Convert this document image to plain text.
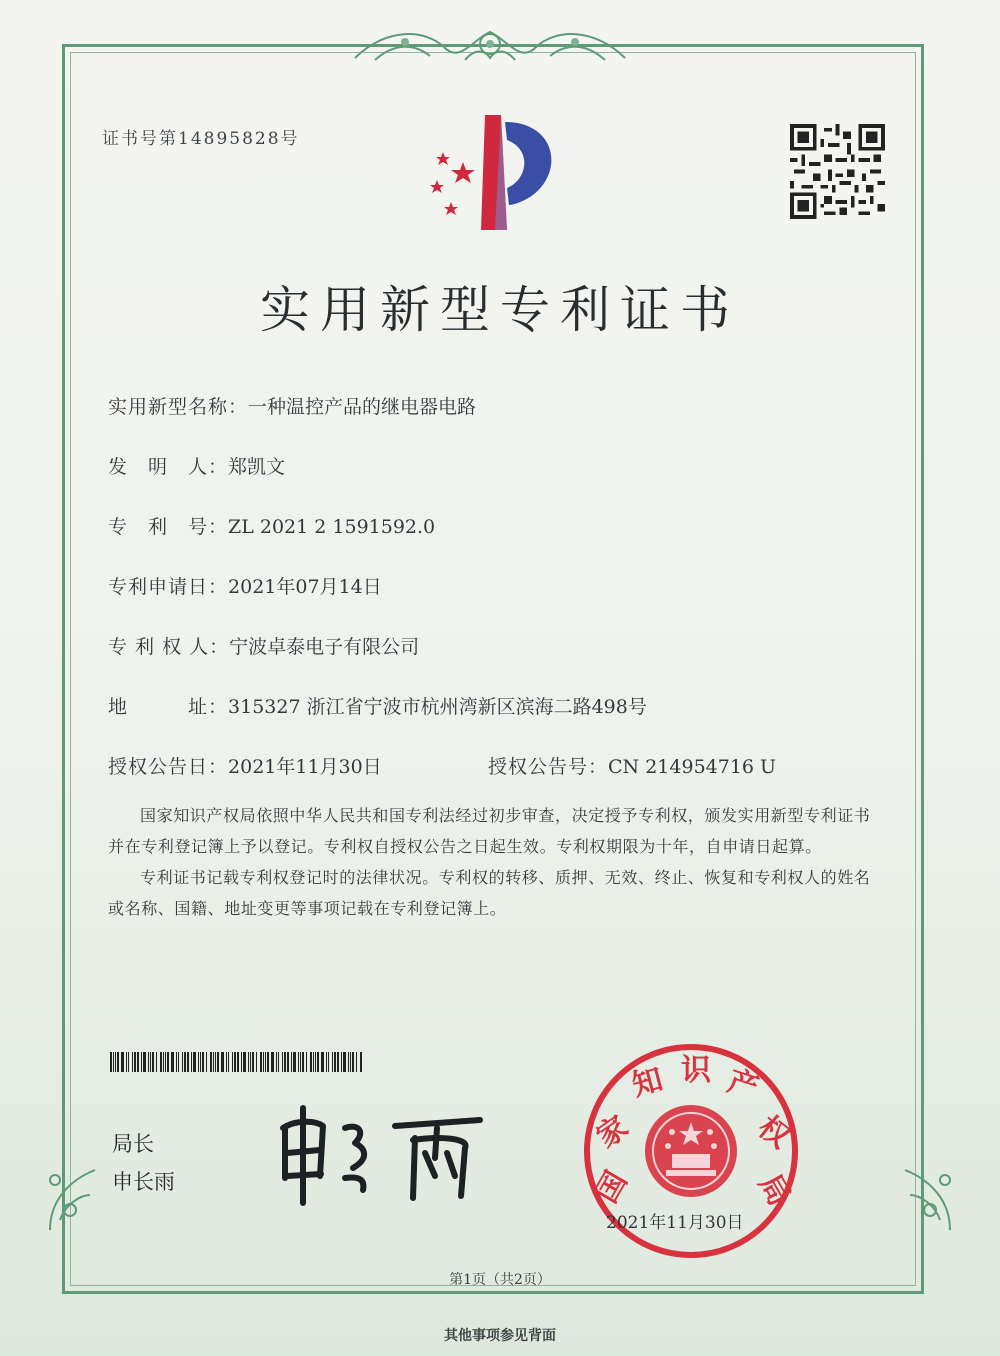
证书号第14895828号
实用新型专利证书
实用新型名称：一种温控产品的继电器电路
发　明　人：郑凯文
专　利　号：ZL 2021 2 1591592.0
专利申请日：2021年07月14日
专 利 权 人：宁波卓泰电子有限公司
地　　　址：315327 浙江省宁波市杭州湾新区滨海二路498号
授权公告日：2021年11月30日	授权公告号：CN 214954716 U

国家知识产权局依照中华人民共和国专利法经过初步审查，决定授予专利权，颁发实用新型专利证书并在专利登记簿上予以登记。专利权自授权公告之日起生效。专利权期限为十年，自申请日起算。

专利证书记载专利权登记时的法律状况。专利权的转移、质押、无效、终止、恢复和专利权人的姓名或名称、国籍、地址变更等事项记载在专利登记簿上。

局长
申长雨	国
家
知 识 产
权
局
2021年11月30日
第1页（共2页）
其他事项参见背面
